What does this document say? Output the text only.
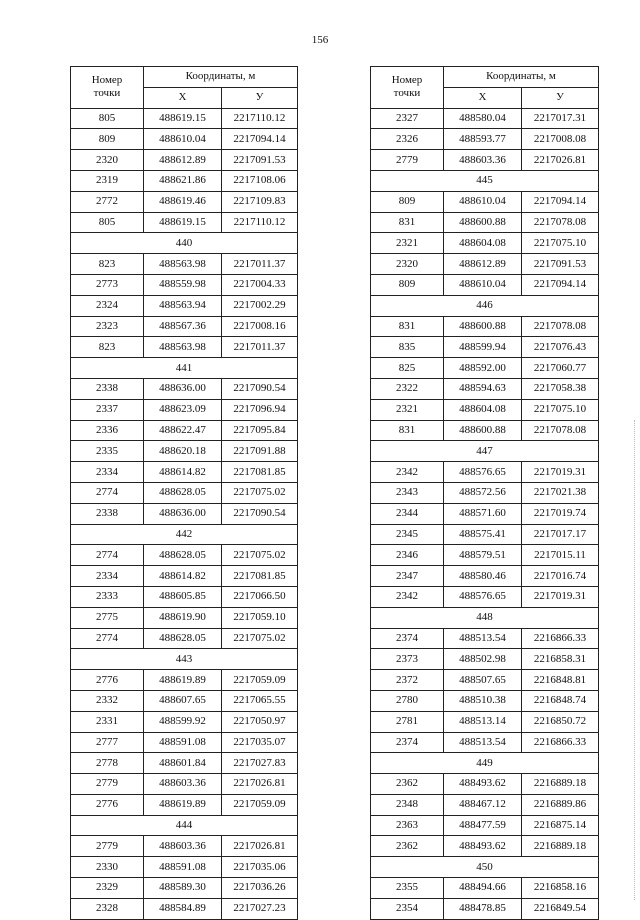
156
Номер
точки	Координаты, м	
	Х	У
805	488619.15	2217110.12
809	488610.04	2217094.14
2320	488612.89	2217091.53
2319	488621.86	2217108.06
2772	488619.46	2217109.83
805	488619.15	2217110.12
440		
823	488563.98	2217011.37
2773	488559.98	2217004.33
2324	488563.94	2217002.29
2323	488567.36	2217008.16
823	488563.98	2217011.37
441		
2338	488636.00	2217090.54
2337	488623.09	2217096.94
2336	488622.47	2217095.84
2335	488620.18	2217091.88
2334	488614.82	2217081.85
2774	488628.05	2217075.02
2338	488636.00	2217090.54
442		
2774	488628.05	2217075.02
2334	488614.82	2217081.85
2333	488605.85	2217066.50
2775	488619.90	2217059.10
2774	488628.05	2217075.02
443		
2776	488619.89	2217059.09
2332	488607.65	2217065.55
2331	488599.92	2217050.97
2777	488591.08	2217035.07
2778	488601.84	2217027.83
2779	488603.36	2217026.81
2776	488619.89	2217059.09
444		
2779	488603.36	2217026.81
2330	488591.08	2217035.06
2329	488589.30	2217036.26
2328	488584.89	2217027.23
Номер
точки	Координаты, м	
	Х	У
2327	488580.04	2217017.31
2326	488593.77	2217008.08
2779	488603.36	2217026.81
445		
809	488610.04	2217094.14
831	488600.88	2217078.08
2321	488604.08	2217075.10
2320	488612.89	2217091.53
809	488610.04	2217094.14
446		
831	488600.88	2217078.08
835	488599.94	2217076.43
825	488592.00	2217060.77
2322	488594.63	2217058.38
2321	488604.08	2217075.10
831	488600.88	2217078.08
447		
2342	488576.65	2217019.31
2343	488572.56	2217021.38
2344	488571.60	2217019.74
2345	488575.41	2217017.17
2346	488579.51	2217015.11
2347	488580.46	2217016.74
2342	488576.65	2217019.31
448		
2374	488513.54	2216866.33
2373	488502.98	2216858.31
2372	488507.65	2216848.81
2780	488510.38	2216848.74
2781	488513.14	2216850.72
2374	488513.54	2216866.33
449		
2362	488493.62	2216889.18
2348	488467.12	2216889.86
2363	488477.59	2216875.14
2362	488493.62	2216889.18
450		
2355	488494.66	2216858.16
2354	488478.85	2216849.54
